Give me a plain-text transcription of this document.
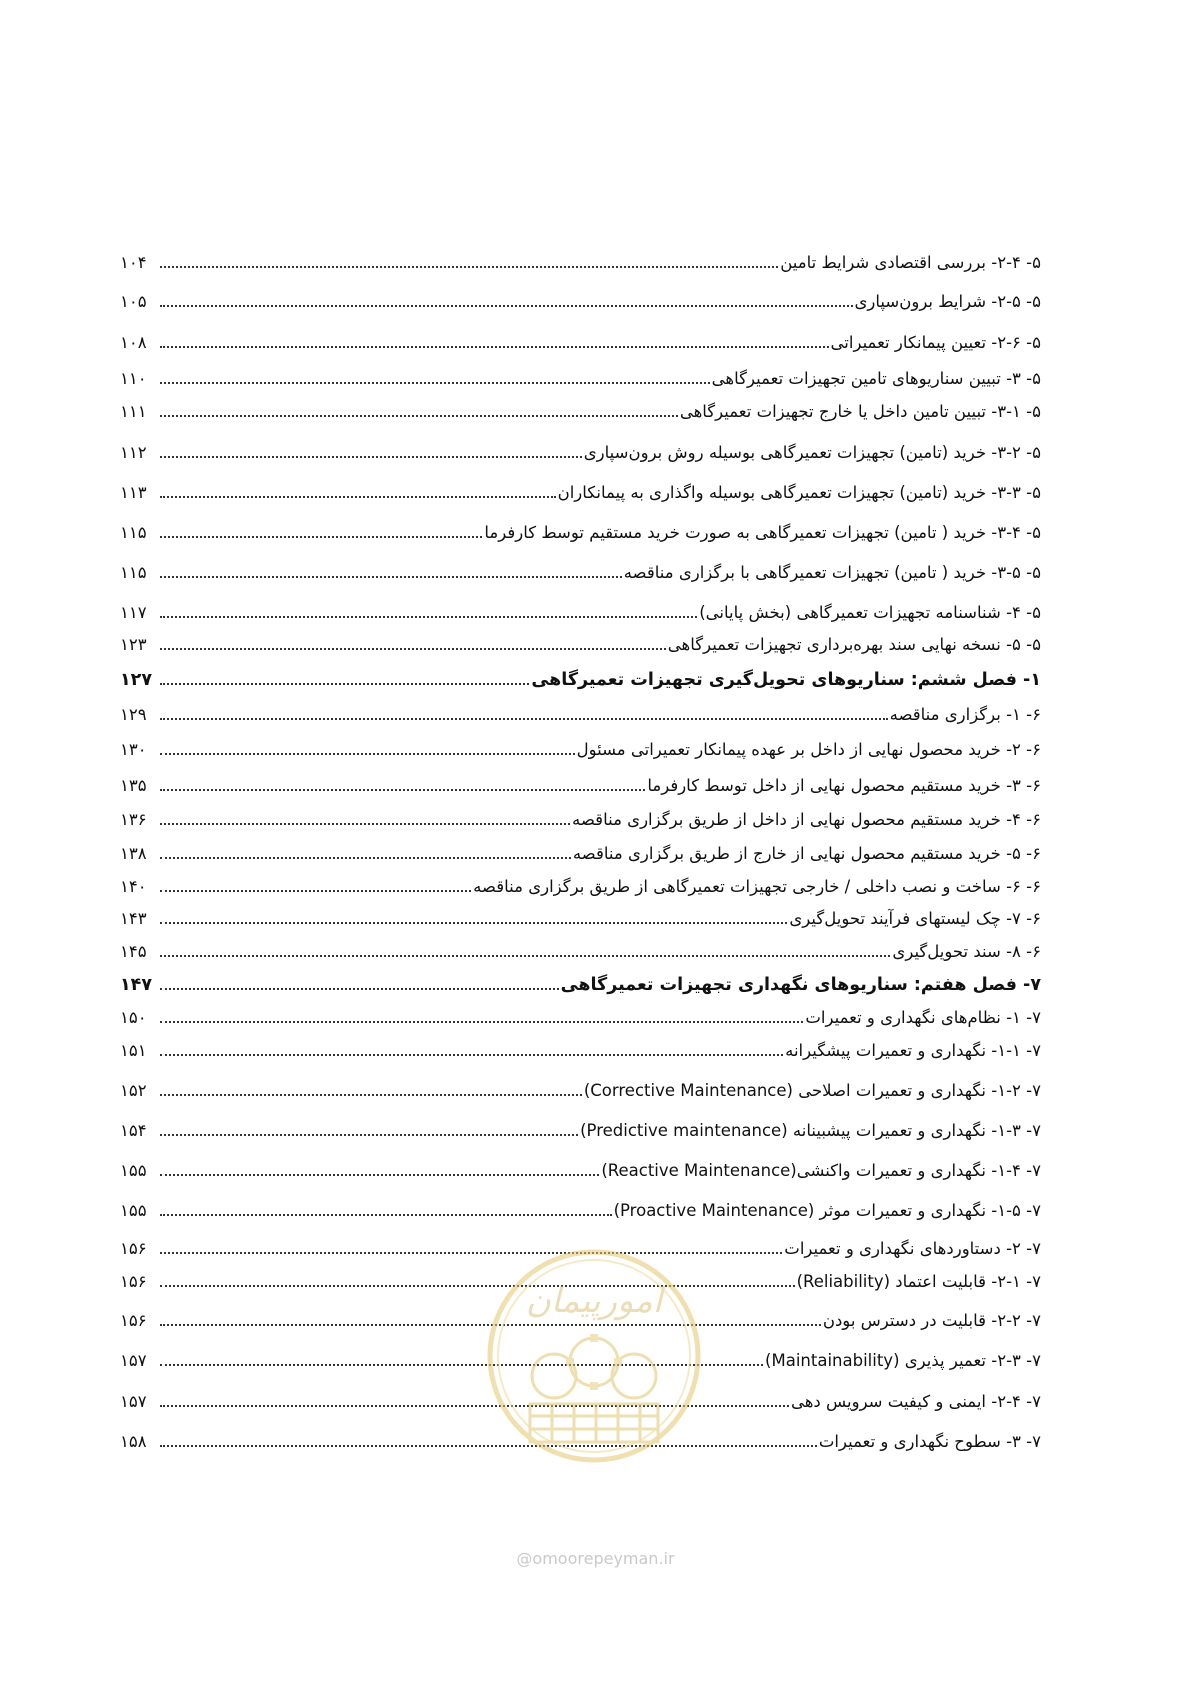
۵- ۲-۴- بررسی اقتصادی شرایط تامین
۱۰۴
۵- ۲-۵- شرایط برون‌سپاری
۱۰۵
۵- ۲-۶- تعیین پیمانکار تعمیراتی
۱۰۸
۵- ۳- تبیین سناریوهای تامین تجهیزات تعمیرگاهی
۱۱۰
۵- ۳-۱- تبیین تامین داخل یا خارج تجهیزات تعمیرگاهی
۱۱۱
۵- ۳-۲- خرید (تامین) تجهیزات تعمیرگاهی بوسیله روش برون‌سپاری
۱۱۲
۵- ۳-۳- خرید (تامین) تجهیزات تعمیرگاهی بوسیله واگذاری به پیمانکاران
۱۱۳
۵- ۳-۴- خرید ( تامین) تجهیزات تعمیرگاهی به صورت خرید مستقیم توسط کارفرما
۱۱۵
۵- ۳-۵- خرید ( تامین) تجهیزات تعمیرگاهی با برگزاری مناقصه
۱۱۵
۵- ۴- شناسنامه تجهیزات تعمیرگاهی (بخش پایانی)
۱۱۷
۵- ۵- نسخه نهایی سند بهره‌برداری تجهیزات تعمیرگاهی
۱۲۳
۱- فصل ششم: سناریوهای تحویل‌گیری تجهیزات تعمیرگاهی
۱۲۷
۶- ۱- برگزاری مناقصه
۱۲۹
۶- ۲- خرید محصول نهایی از داخل بر عهده پیمانکار تعمیراتی مسئول
۱۳۰
۶- ۳- خرید مستقیم محصول نهایی از داخل توسط کارفرما
۱۳۵
۶- ۴- خرید مستقیم محصول نهایی از داخل از طریق برگزاری مناقصه
۱۳۶
۶- ۵- خرید مستقیم محصول نهایی از خارج از طریق برگزاری مناقصه
۱۳۸
۶- ۶- ساخت و نصب داخلی / خارجی تجهیزات تعمیرگاهی از طریق برگزاری مناقصه
۱۴۰
۶- ۷- چک لیستهای فرآیند تحویل‌گیری
۱۴۳
۶- ۸- سند تحویل‌گیری
۱۴۵
۷- فصل هفتم: سناریوهای نگهداری تجهیزات تعمیرگاهی
۱۴۷
۷- ۱- نظام‌های نگهداری و تعمیرات
۱۵۰
۷- ۱-۱- نگهداری و تعمیرات پیشگیرانه
۱۵۱
۷- ۱-۲- نگهداری و تعمیرات اصلاحی (Corrective Maintenance)
۱۵۲
۷- ۱-۳- نگهداری و تعمیرات پیشبینانه (Predictive maintenance)
۱۵۴
۷- ۱-۴- نگهداری و تعمیرات واکنشی(Reactive Maintenance)
۱۵۵
۷- ۱-۵- نگهداری و تعمیرات موثر (Proactive Maintenance)
۱۵۵
۷- ۲- دستاوردهای نگهداری و تعمیرات
۱۵۶
۷- ۲-۱- قابلیت اعتماد (Reliability)
۱۵۶
۷- ۲-۲- قابلیت در دسترس بودن
۱۵۶
۷- ۲-۳- تعمیر پذیری (Maintainability)
۱۵۷
۷- ۲-۴- ایمنی و کیفیت سرویس دهی
۱۵۷
۷- ۳- سطوح نگهداری و تعمیرات
۱۵۸
امورپیمان
@omoorepeyman.ir
